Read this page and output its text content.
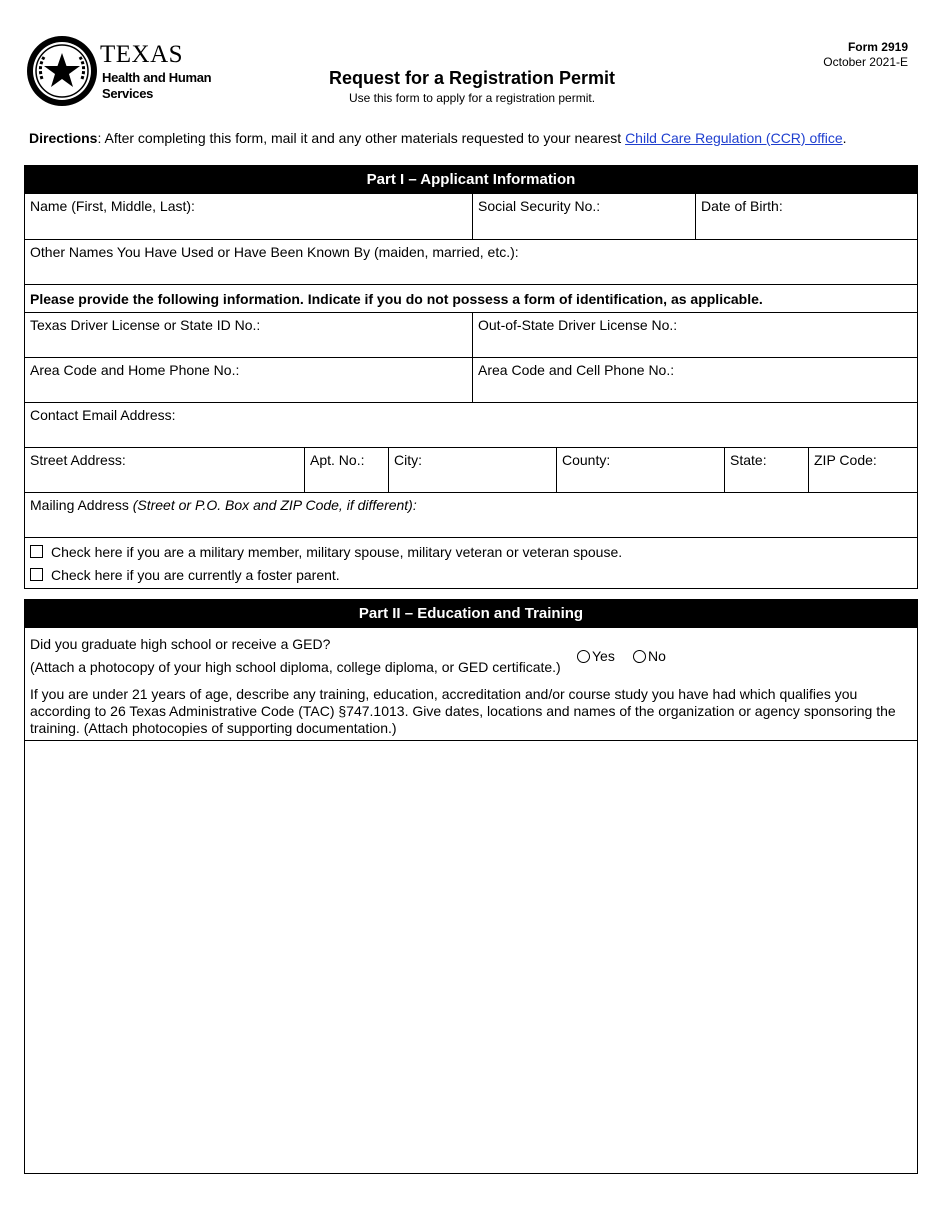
TEXAS
Health and Human
Services
Form 2919
October 2021-E
Request for a Registration Permit
Use this form to apply for a registration permit.
Directions: After completing this form, mail it and any other materials requested to your nearest Child Care Regulation (CCR) office.
Part I – Applicant Information
Name (First, Middle, Last):	Social Security No.:	Date of Birth:
Other Names You Have Used or Have Been Known By (maiden, married, etc.):
Please provide the following information. Indicate if you do not possess a form of identification, as applicable.
Texas Driver License or State ID No.:	Out-of-State Driver License No.:
Area Code and Home Phone No.:	Area Code and Cell Phone No.:
Contact Email Address:
Street Address:	Apt. No.:	City:	County:	State:	ZIP Code:
Mailing Address (Street or P.O. Box and ZIP Code, if different):
Check here if you are a military member, military spouse, military veteran or veteran spouse.
Check here if you are currently a foster parent.
Part II – Education and Training
Did you graduate high school or receive a GED?
(Attach a photocopy of your high school diploma, college diploma, or GED certificate.)
Yes	No
If you are under 21 years of age, describe any training, education, accreditation and/or course study you have had which qualifies you according to 26 Texas Administrative Code (TAC) §747.1013. Give dates, locations and names of the organization or agency sponsoring the training. (Attach photocopies of supporting documentation.)
